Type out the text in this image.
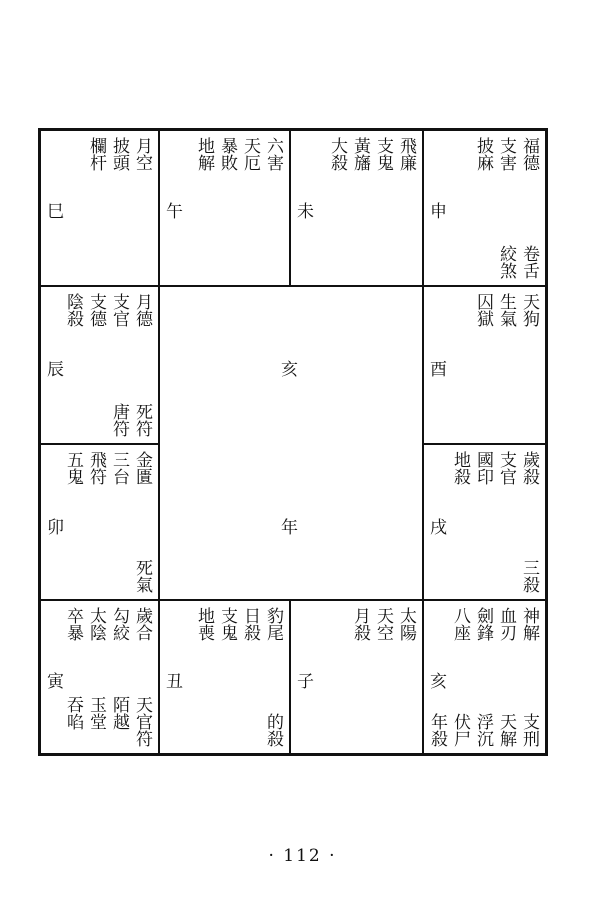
月空
披頭
欄杆
巳
六害
天厄
暴敗
地解
午
飛廉
支鬼
黃旛
大殺
未
福德
支害
披麻
申
卷舌
絞煞
月德
支官
支德
陰殺
辰
死符
唐符
天狗
生氣
囚獄
酉
金匱
三台
飛符
五鬼
卯
死氣
歲殺
支官
國印
地殺
戌
三殺
亥
年
歲合
勾絞
太陰
卒暴
寅
天官符
陌越
玉堂
吞啗
豹尾
日殺
支鬼
地喪
丑
的殺
太陽
天空
月殺
子
神解
血刃
劍鋒
八座
亥
支刑
天解
浮沉
伏尸
年殺
· 112 ·
